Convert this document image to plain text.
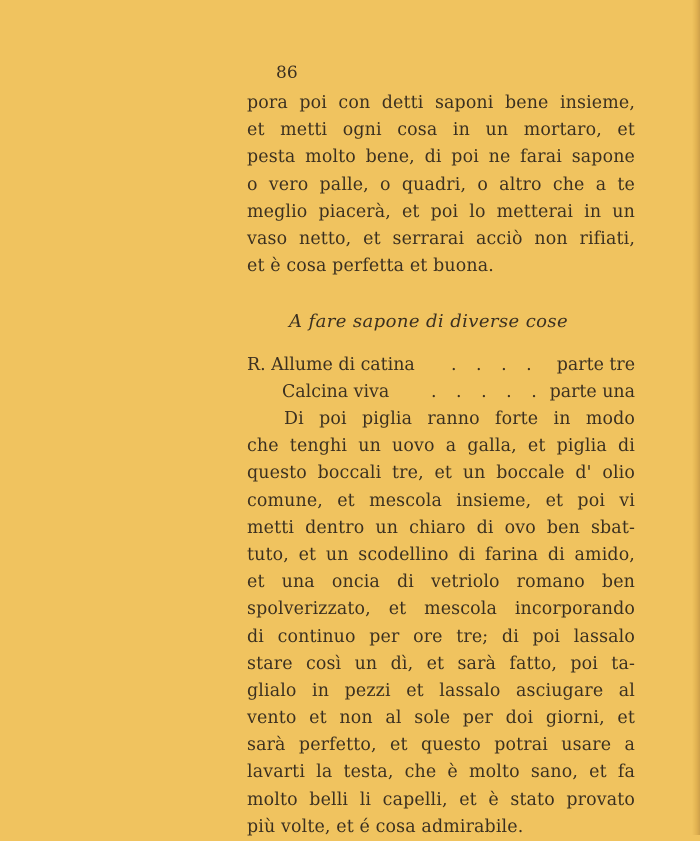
86
pora poi con detti saponi bene insieme,
et metti ogni cosa in un mortaro, et
pesta molto bene, di poi ne farai sapone
o vero palle, o quadri, o altro che a te
meglio piacerà, et poi lo metterai in un
vaso netto, et serrarai acciò non rifiati,
et è cosa perfetta et buona.
A fare sapone di diverse cose
R. Allume di catina . . . . parte tre
Calcina viva . . . . . parte una
Di poi piglia ranno forte in modo
che tenghi un uovo a galla, et piglia di
questo boccali tre, et un boccale d' olio
comune, et mescola insieme, et poi vi
metti dentro un chiaro di ovo ben sbat-
tuto, et un scodellino di farina di amido,
et una oncia di vetriolo romano ben
spolverizzato, et mescola incorporando
di continuo per ore tre; di poi lassalo
stare così un dì, et sarà fatto, poi ta-
glialo in pezzi et lassalo asciugare al
vento et non al sole per doi giorni, et
sarà perfetto, et questo potrai usare a
lavarti la testa, che è molto sano, et fa
molto belli li capelli, et è stato provato
più volte, et é cosa admirabile.
